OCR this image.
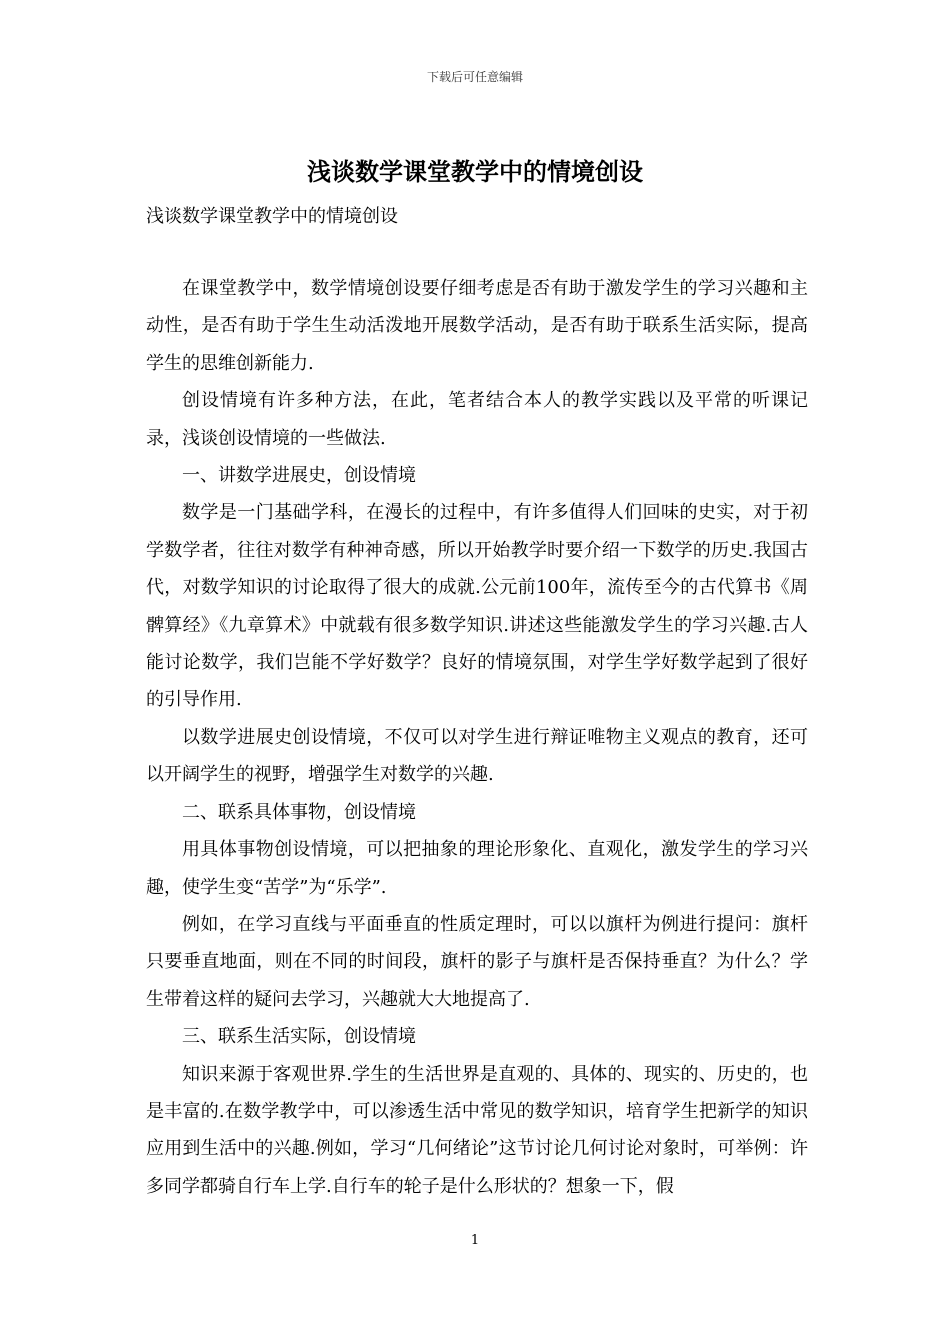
下载后可任意编辑
浅谈数学课堂教学中的情境创设

浅谈数学课堂教学中的情境创设

在课堂教学中，数学情境创设要仔细考虑是否有助于激发学生的学习兴趣和主动性，是否有助于学生生动活泼地开展数学活动，是否有助于联系生活实际，提高学生的思维创新能力.

创设情境有许多种方法，在此，笔者结合本人的教学实践以及平常的听课记录，浅谈创设情境的一些做法.

一、讲数学进展史，创设情境

数学是一门基础学科，在漫长的过程中，有许多值得人们回味的史实，对于初学数学者，往往对数学有种神奇感，所以开始教学时要介绍一下数学的历史.我国古代，对数学知识的讨论取得了很大的成就.公元前100年，流传至今的古代算书《周髀算经》《九章算术》中就载有很多数学知识.讲述这些能激发学生的学习兴趣.古人能讨论数学，我们岂能不学好数学？良好的情境氛围，对学生学好数学起到了很好的引导作用.

以数学进展史创设情境，不仅可以对学生进行辩证唯物主义观点的教育，还可以开阔学生的视野，增强学生对数学的兴趣.

二、联系具体事物，创设情境

用具体事物创设情境，可以把抽象的理论形象化、直观化，激发学生的学习兴趣，使学生变“苦学”为“乐学”.

例如，在学习直线与平面垂直的性质定理时，可以以旗杆为例进行提问：旗杆只要垂直地面，则在不同的时间段，旗杆的影子与旗杆是否保持垂直？为什么？学生带着这样的疑问去学习，兴趣就大大地提高了.

三、联系生活实际，创设情境

知识来源于客观世界.学生的生活世界是直观的、具体的、现实的、历史的，也是丰富的.在数学教学中，可以渗透生活中常见的数学知识，培育学生把新学的知识应用到生活中的兴趣.例如，学习“几何绪论”这节讨论几何讨论对象时，可举例：许多同学都骑自行车上学.自行车的轮子是什么形状的？想象一下，假

1
